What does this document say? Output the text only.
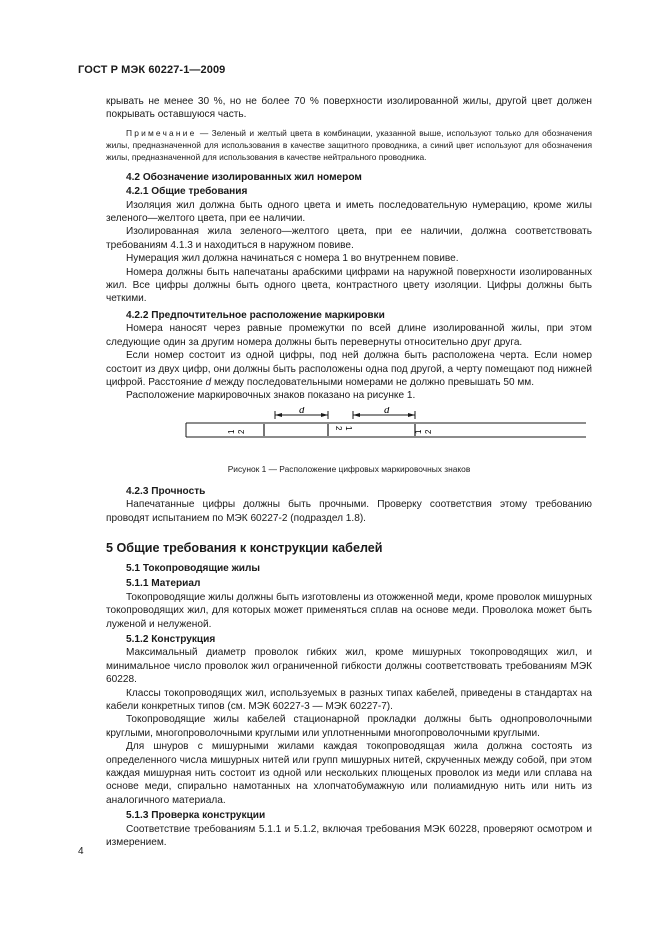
ГОСТ Р МЭК 60227-1—2009

крывать не менее 30 %, но не более 70 % поверхности изолированной жилы, другой цвет должен покрывать оставшуюся часть.

Примечание — Зеленый и желтый цвета в комбинации, указанной выше, используют только для обозначения жилы, предназначенной для использования в качестве защитного проводника, а синий цвет используют для обозначения жилы, предназначенной для использования в качестве нейтрального проводника.

4.2 Обозначение изолированных жил номером
4.2.1 Общие требования

Изоляция жил должна быть одного цвета и иметь последовательную нумерацию, кроме жилы зеленого—желтого цвета, при ее наличии.

Изолированная жила зеленого—желтого цвета, при ее наличии, должна соответствовать требованиям 4.1.3 и находиться в наружном повиве.

Нумерация жил должна начинаться с номера 1 во внутреннем повиве.

Номера должны быть напечатаны арабскими цифрами на наружной поверхности изолированных жил. Все цифры должны быть одного цвета, контрастного цвету изоляции. Цифры должны быть четкими.

4.2.2 Предпочтительное расположение маркировки

Номера наносят через равные промежутки по всей длине изолированной жилы, при этом следующие один за другим номера должны быть перевернуты относительно друг друга.

Если номер состоит из одной цифры, под ней должна быть расположена черта. Если номер состоит из двух цифр, они должны быть расположены одна под другой, а черту помещают под нижней цифрой. Расстояние d между последовательными номерами не должно превышать 50 мм.

Расположение маркировочных знаков показано на рисунке 1.

d	d
1 2
1
2
1 2
Рисунок 1 — Расположение цифровых маркировочных знаков
4.2.3 Прочность

Напечатанные цифры должны быть прочными. Проверку соответствия этому требованию проводят испытанием по МЭК 60227-2 (подраздел 1.8).

5 Общие требования к конструкции кабелей
5.1 Токопроводящие жилы
5.1.1 Материал

Токопроводящие жилы должны быть изготовлены из отожженной меди, кроме проволок мишурных токопроводящих жил, для которых может применяться сплав на основе меди. Проволока может быть луженой и нелуженой.

5.1.2 Конструкция

Максимальный диаметр проволок гибких жил, кроме мишурных токопроводящих жил, и минимальное число проволок жил ограниченной гибкости должны соответствовать требованиям МЭК 60228.

Классы токопроводящих жил, используемых в разных типах кабелей, приведены в стандартах на кабели конкретных типов (см. МЭК 60227-3 — МЭК 60227-7).

Токопроводящие жилы кабелей стационарной прокладки должны быть однопроволочными круглыми, многопроволочными круглыми или уплотненными многопроволочными круглыми.

Для шнуров с мишурными жилами каждая токопроводящая жила должна состоять из определенного числа мишурных нитей или групп мишурных нитей, скрученных между собой, при этом каждая мишурная нить состоит из одной или нескольких плющеных проволок из меди или сплава на основе меди, спирально намотанных на хлопчатобумажную или полиамидную нить или нить из аналогичного материала.

5.1.3 Проверка конструкции

Соответствие требованиям 5.1.1 и 5.1.2, включая требования МЭК 60228, проверяют осмотром и измерением.

4
